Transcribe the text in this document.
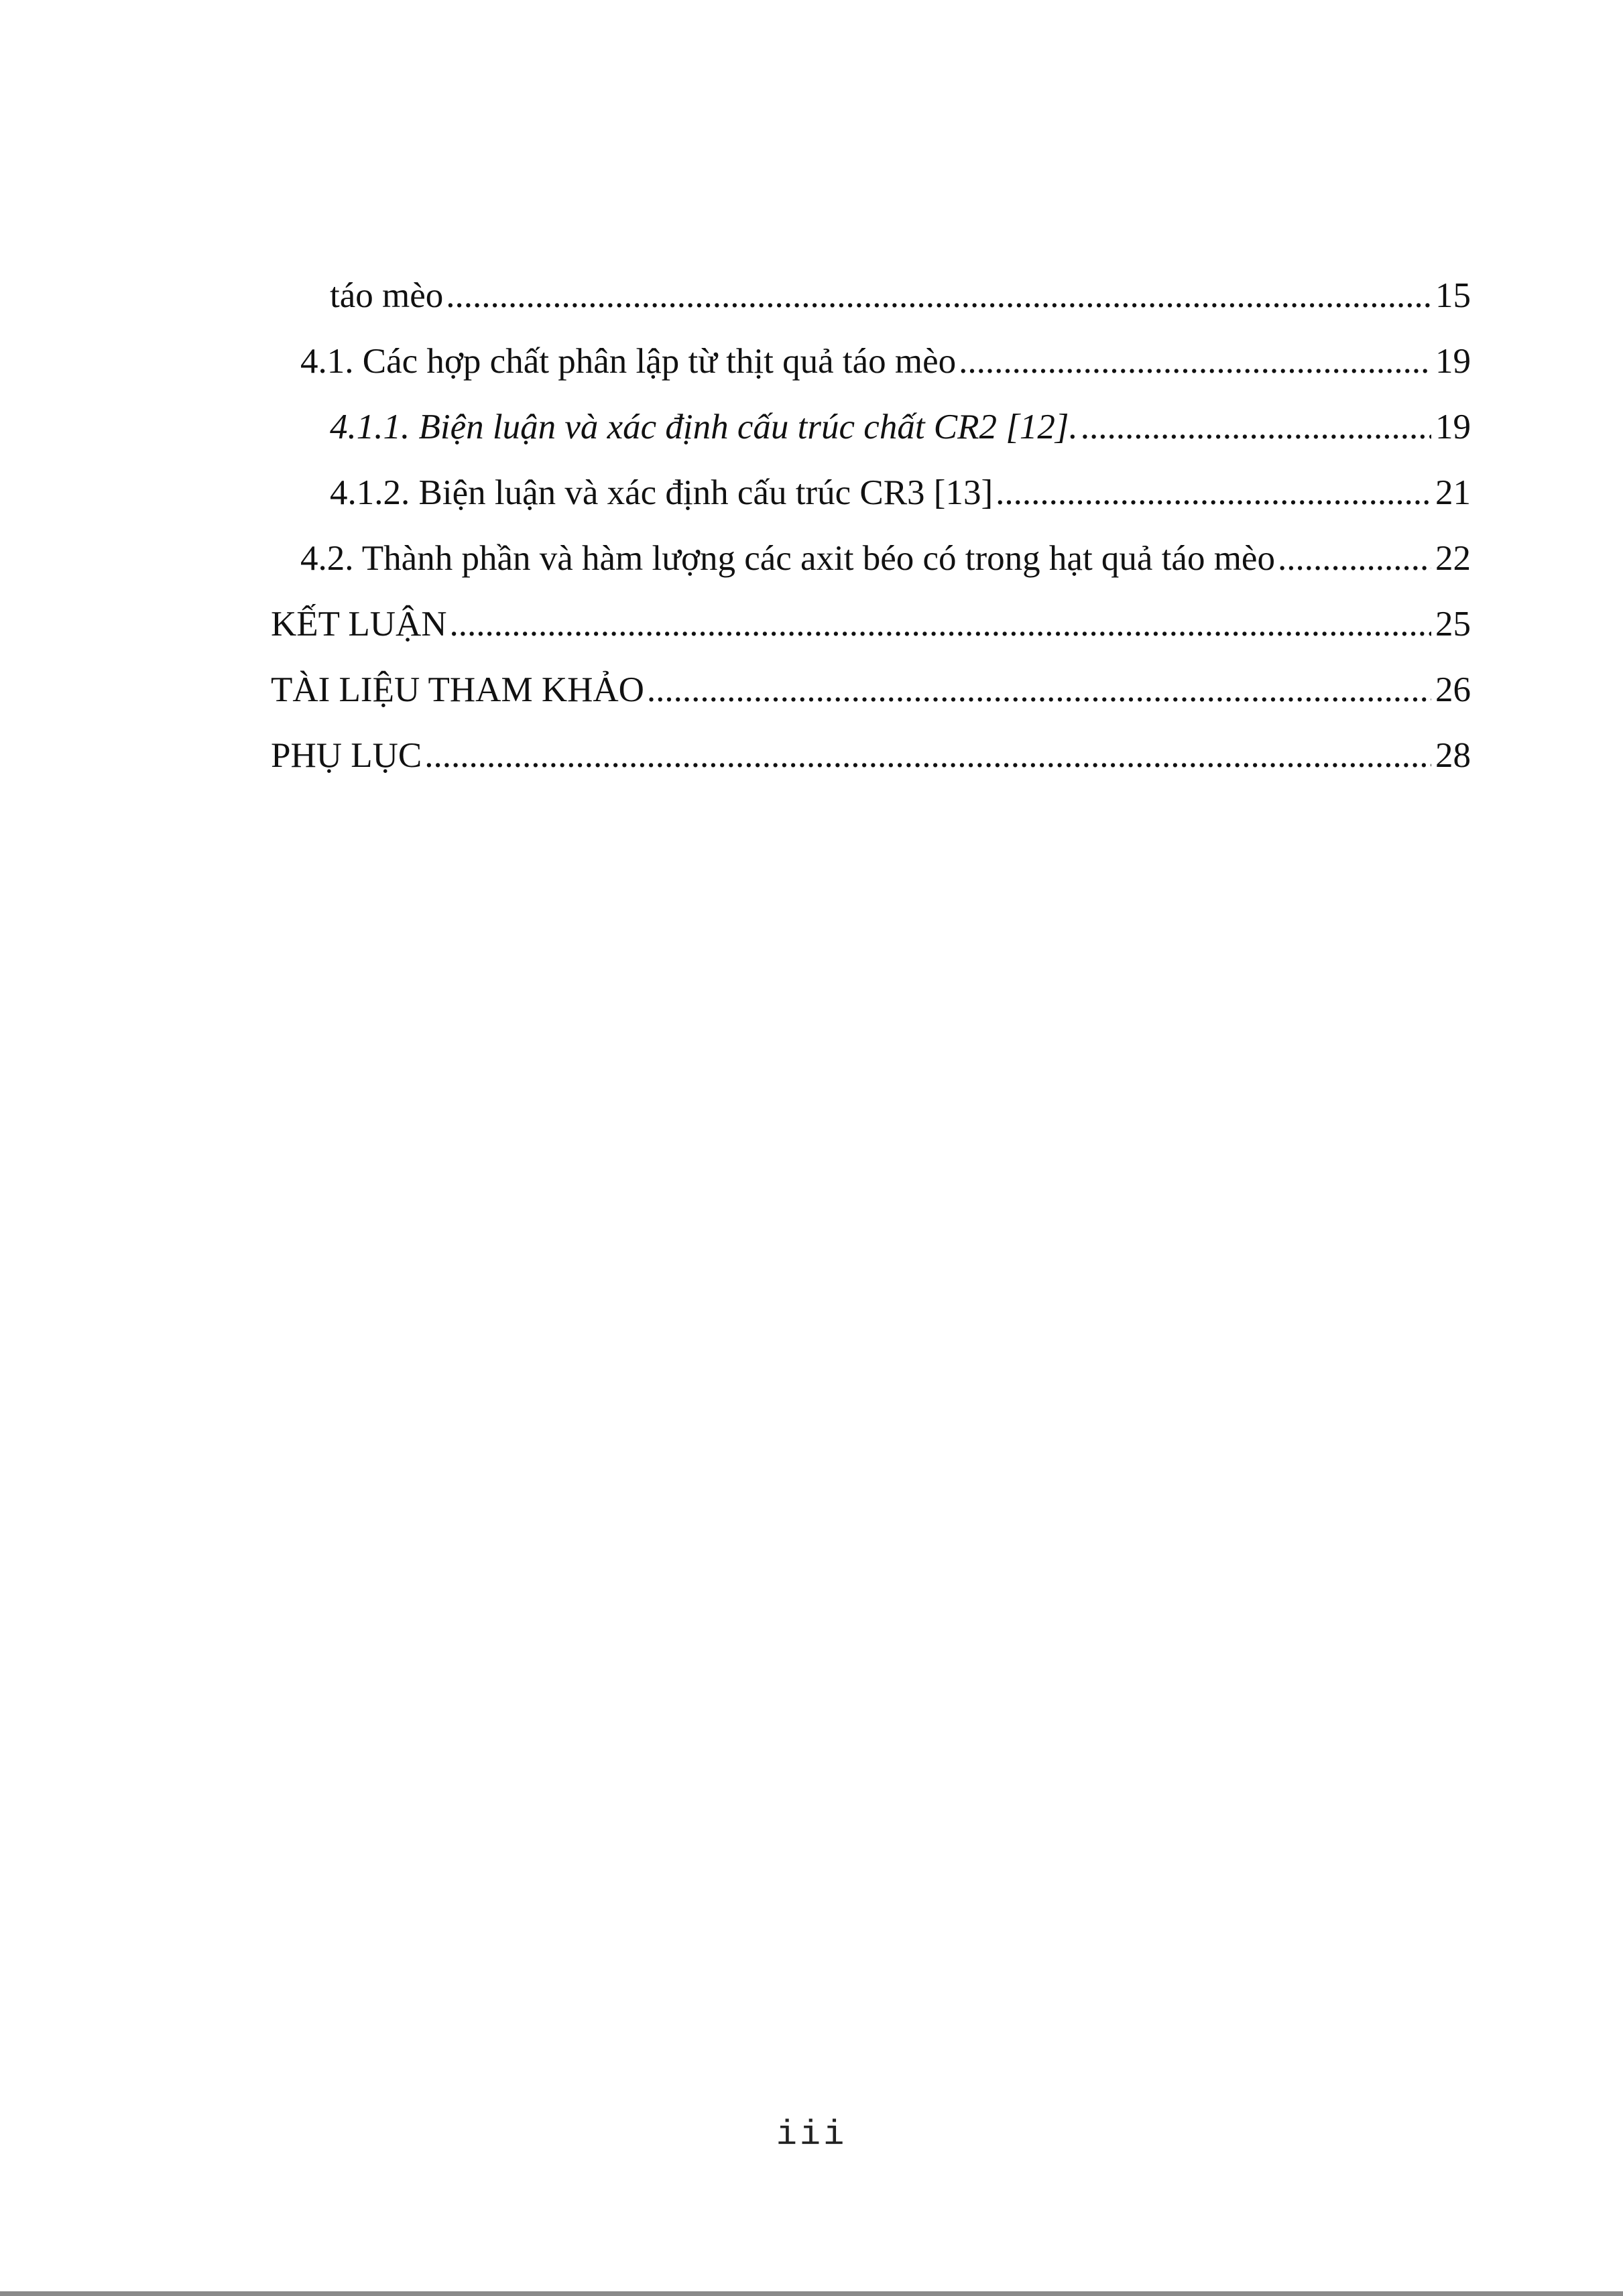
táo mèo .....	15
4.1. Các hợp chất phân lập từ thịt quả táo mèo .....	19
4.1.1. Biện luận và xác định cấu trúc chất CR2 [12]. .....	19
4.1.2. Biện luận và xác định cấu trúc CR3 [13] .....	21
4.2. Thành phần và hàm lượng các axit béo có trong hạt quả táo mèo .....	22
KẾT LUẬN .....	25
TÀI LIỆU THAM KHẢO .....	26
PHỤ LỤC .....	28
iii
